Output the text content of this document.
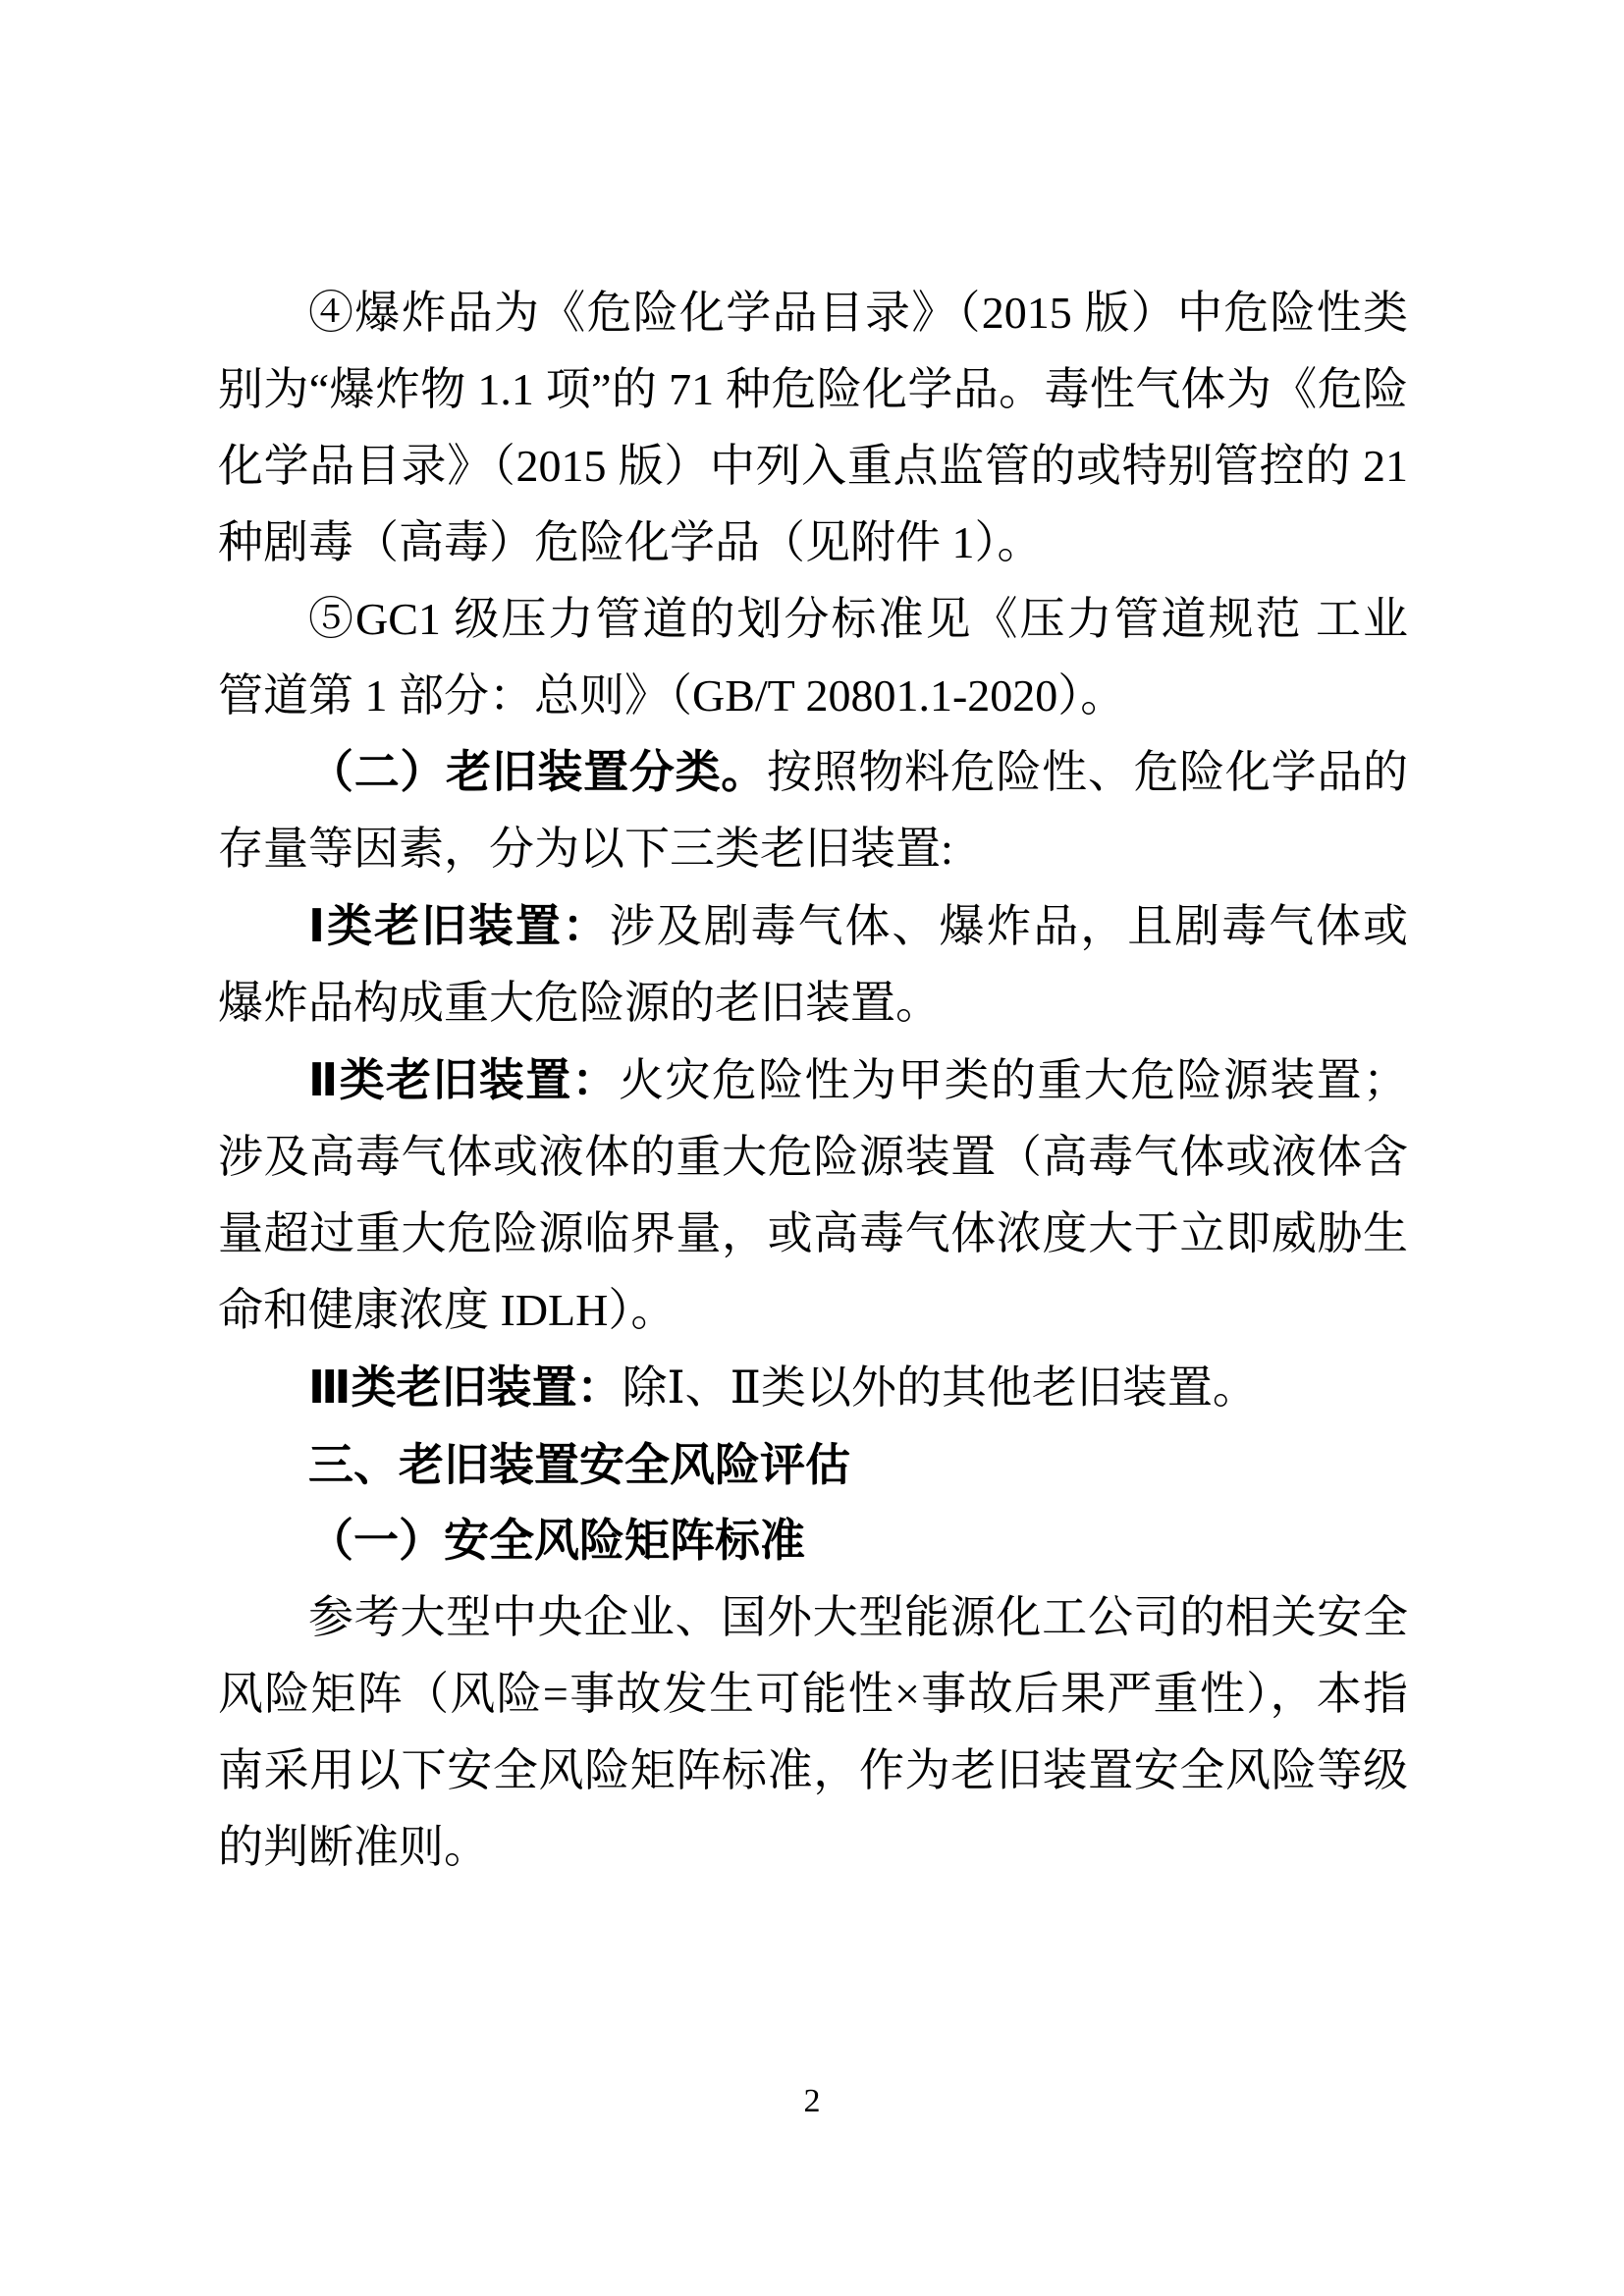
④爆炸品为《危险化学品目录》（2015 版）中危险性类别为“爆炸物 1.1 项”的 71 种危险化学品。毒性气体为《危险化学品目录》（2015 版）中列入重点监管的或特别管控的 21 种剧毒（高毒）危险化学品（见附件 1）。

⑤GC1 级压力管道的划分标准见《压力管道规范 工业管道第 1 部分：总则》（GB/T 20801.1-2020）。

（二）老旧装置分类。按照物料危险性、危险化学品的存量等因素，分为以下三类老旧装置:

Ⅰ类老旧装置：涉及剧毒气体、爆炸品，且剧毒气体或爆炸品构成重大危险源的老旧装置。

Ⅱ类老旧装置：火灾危险性为甲类的重大危险源装置；涉及高毒气体或液体的重大危险源装置（高毒气体或液体含量超过重大危险源临界量，或高毒气体浓度大于立即威胁生命和健康浓度 IDLH）。

Ⅲ类老旧装置：除Ⅰ、Ⅱ类以外的其他老旧装置。

三、老旧装置安全风险评估

（一）安全风险矩阵标准

参考大型中央企业、国外大型能源化工公司的相关安全风险矩阵（风险=事故发生可能性×事故后果严重性），本指南采用以下安全风险矩阵标准，作为老旧装置安全风险等级的判断准则。

2
